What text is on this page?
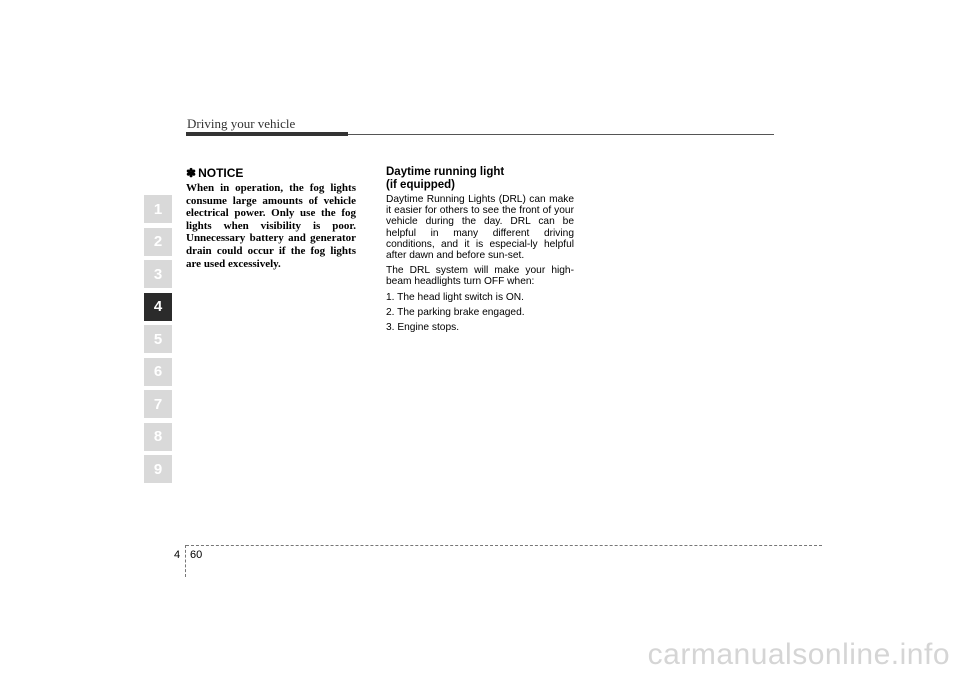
Driving your vehicle
1
2
3
4
5
6
7
8
9
✽ NOTICE

When in operation, the fog lights consume large amounts of vehicle electrical power. Only use the fog lights when visibility is poor. Unnecessary battery and generator drain could occur if the fog lights are used excessively.

Daytime running light
(if equipped)

Daytime Running Lights (DRL) can make it easier for others to see the front of your vehicle during the day. DRL can be helpful in many different driving conditions, and it is especial-ly helpful after dawn and before sun-set.

The DRL system will make your high-beam headlights turn OFF when:

1. The head light switch is ON.
2. The parking brake engaged.
3. Engine stops.
4 60
carmanualsonline.info
